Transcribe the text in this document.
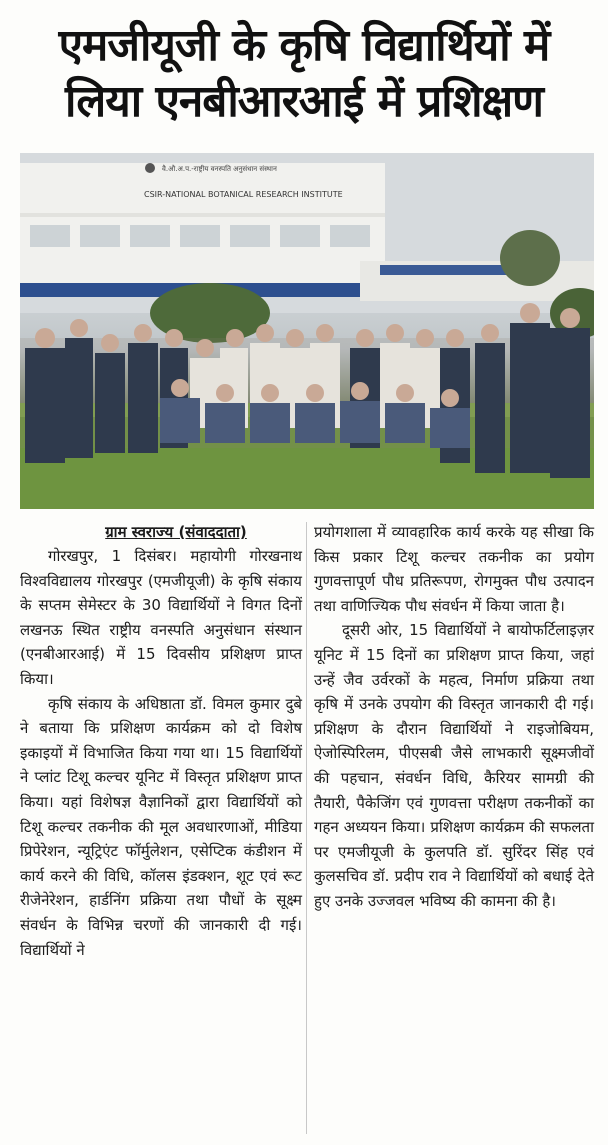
एमजीयूजी के कृषि विद्यार्थियों में
लिया एनबीआरआई में प्रशिक्षण
वै.औ.अ.प.-राष्ट्रीय वनस्पति अनुसंधान संस्थान
CSIR-NATIONAL BOTANICAL RESEARCH INSTITUTE
ग्राम स्वराज्य (संवाददाता)

गोरखपुर, 1 दिसंबर। महायोगी गोरखनाथ विश्वविद्यालय गोरखपुर (एमजीयूजी) के कृषि संकाय के सप्तम सेमेस्टर के 30 विद्यार्थियों ने विगत दिनों लखनऊ स्थित राष्ट्रीय वनस्पति अनुसंधान संस्थान (एनबीआरआई) में 15 दिवसीय प्रशिक्षण प्राप्त किया।

कृषि संकाय के अधिष्ठाता डॉ. विमल कुमार दुबे ने बताया कि प्रशिक्षण कार्यक्रम को दो विशेष इकाइयों में विभाजित किया गया था। 15 विद्यार्थियों ने प्लांट टिशू कल्चर यूनिट में विस्तृत प्रशिक्षण प्राप्त किया। यहां विशेषज्ञ वैज्ञानिकों द्वारा विद्यार्थियों को टिशू कल्चर तकनीक की मूल अवधारणाओं, मीडिया प्रिपेरेशन, न्यूट्रिएंट फॉर्मुलेशन, एसेप्टिक कंडीशन में कार्य करने की विधि, कॉलस इंडक्शन, शूट एवं रूट रीजेनेरेशन, हार्डनिंग प्रक्रिया तथा पौधों के सूक्ष्म संवर्धन के विभिन्न चरणों की जानकारी दी गई। विद्यार्थियों ने

प्रयोगशाला में व्यावहारिक कार्य करके यह सीखा कि किस प्रकार टिशू कल्चर तकनीक का प्रयोग गुणवत्तापूर्ण पौध प्रतिरूपण, रोगमुक्त पौध उत्पादन तथा वाणिज्यिक पौध संवर्धन में किया जाता है।

दूसरी ओर, 15 विद्यार्थियों ने बायोफर्टिलाइज़र यूनिट में 15 दिनों का प्रशिक्षण प्राप्त किया, जहां उन्हें जैव उर्वरकों के महत्व, निर्माण प्रक्रिया तथा कृषि में उनके उपयोग की विस्तृत जानकारी दी गई। प्रशिक्षण के दौरान विद्यार्थियों ने राइजोबियम, ऐजोस्पिरिलम, पीएसबी जैसे लाभकारी सूक्ष्मजीवों की पहचान, संवर्धन विधि, कैरियर सामग्री की तैयारी, पैकेजिंग एवं गुणवत्ता परीक्षण तकनीकों का गहन अध्ययन किया। प्रशिक्षण कार्यक्रम की सफलता पर एमजीयूजी के कुलपति डॉ. सुरिंदर सिंह एवं कुलसचिव डॉ. प्रदीप राव ने विद्यार्थियों को बधाई देते हुए उनके उज्जवल भविष्य की कामना की है।
